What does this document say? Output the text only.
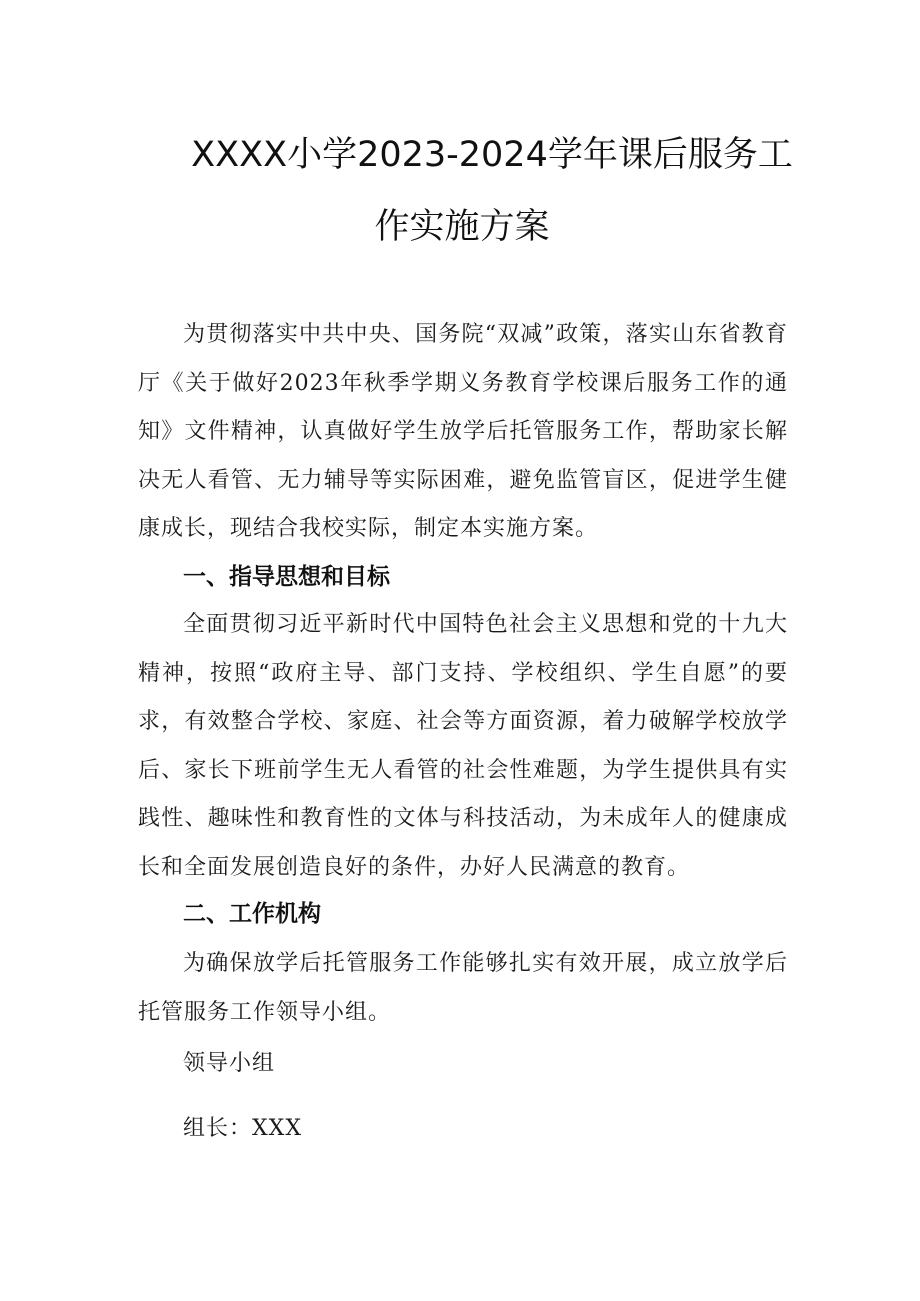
XXXX小学2023-2024学年课后服务工
作实施方案

为贯彻落实中共中央、国务院“双减”政策，落实山东省教育厅《关于做好2023年秋季学期义务教育学校课后服务工作的通知》文件精神，认真做好学生放学后托管服务工作，帮助家长解决无人看管、无力辅导等实际困难，避免监管盲区，促进学生健康成长，现结合我校实际，制定本实施方案。

一、指导思想和目标

全面贯彻习近平新时代中国特色社会主义思想和党的十九大精神，按照“政府主导、部门支持、学校组织、学生自愿”的要求，有效整合学校、家庭、社会等方面资源，着力破解学校放学后、家长下班前学生无人看管的社会性难题，为学生提供具有实践性、趣味性和教育性的文体与科技活动，为未成年人的健康成长和全面发展创造良好的条件，办好人民满意的教育。

二、工作机构

为确保放学后托管服务工作能够扎实有效开展，成立放学后托管服务工作领导小组。

领导小组
组长：XXX
